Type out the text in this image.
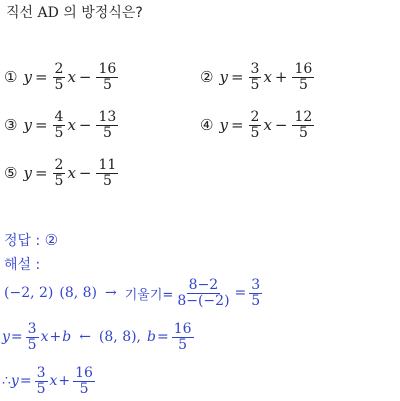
직선 AD 의 방정식은?
① $y = \frac{2}{5}$ $x - \frac{16}{5}$	② $y = \frac{3}{5}$ $x + \frac{16}{5}$
③ $y = \frac{4}{5}$ $x - \frac{13}{5}$	④ $y = \frac{2}{5}$ $x - \frac{12}{5}$
⑤ $y = \frac{2}{5}$ $x - \frac{11}{5}$
정답 : ②
해설 :
(−2, 2) (8, 8) → 기울기= $\frac{8-2}{8-(-2)} = \frac{3}{5}$
$y = \frac{3}{5}$ x + b ← (8, 8), $b = \frac{16}{5}$
∴ $y = \frac{3}{5}$ $x + \frac{16}{5}$
